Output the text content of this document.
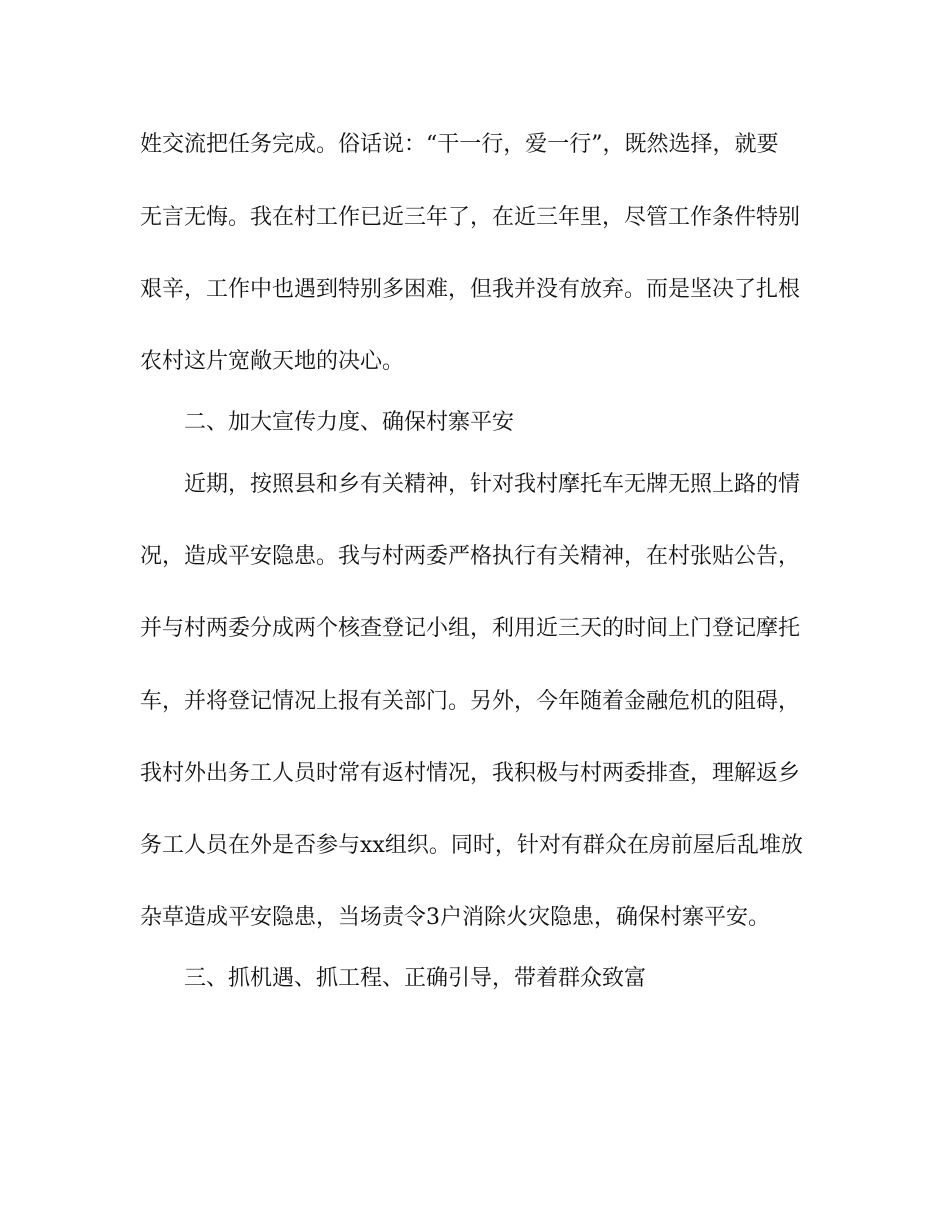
姓交流把任务完成。俗话说：“干一行，爱一行”，既然选择，就要
无言无悔。我在村工作已近三年了，在近三年里，尽管工作条件特别
艰辛，工作中也遇到特别多困难，但我并没有放弃。而是坚决了扎根
农村这片宽敞天地的决心。
二、加大宣传力度、确保村寨平安
近期，按照县和乡有关精神，针对我村摩托车无牌无照上路的情
况，造成平安隐患。我与村两委严格执行有关精神，在村张贴公告，
并与村两委分成两个核查登记小组，利用近三天的时间上门登记摩托
车，并将登记情况上报有关部门。另外，今年随着金融危机的阻碍，
我村外出务工人员时常有返村情况，我积极与村两委排查，理解返乡
务工人员在外是否参与xx组织。同时，针对有群众在房前屋后乱堆放
杂草造成平安隐患，当场责令3户消除火灾隐患，确保村寨平安。
三、抓机遇、抓工程、正确引导，带着群众致富
